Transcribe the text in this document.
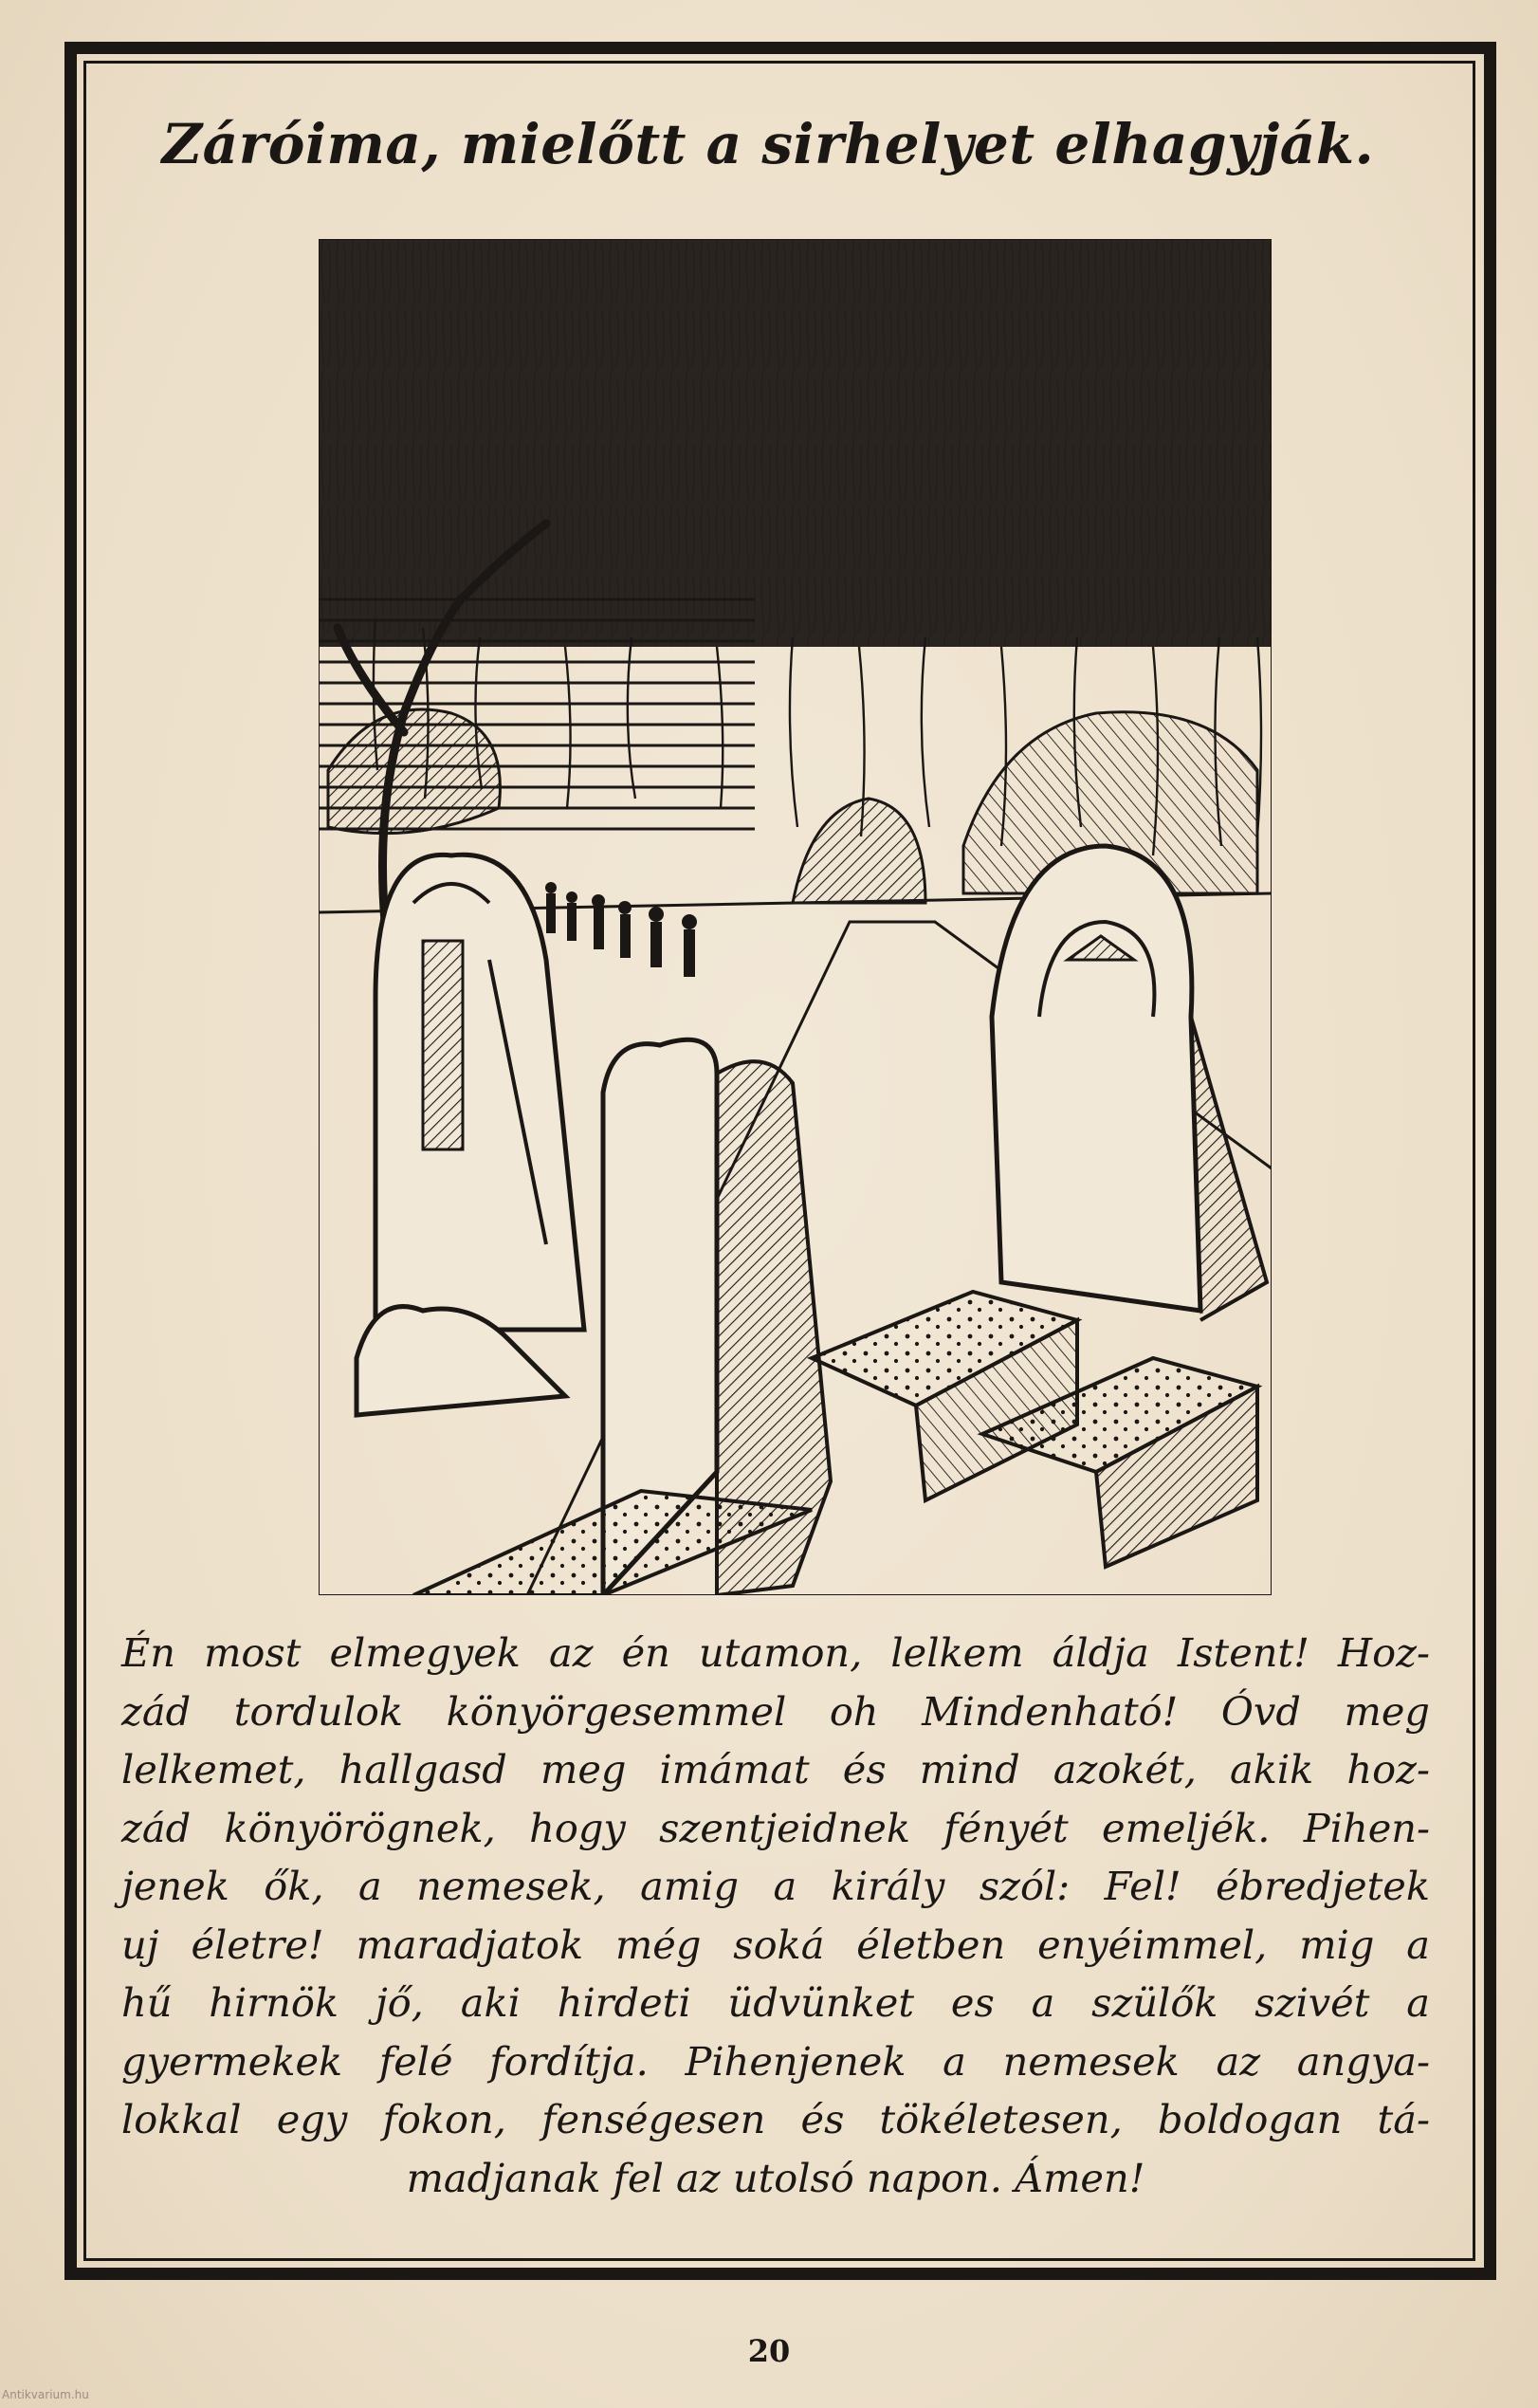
Záróima, mielőtt a sirhelyet elhagyják.
Én most elmegyek az én utamon, lelkem áldja Istent! Hoz-
zád tordulok könyörgesemmel oh Mindenható! Óvd meg
lelkemet, hallgasd meg imámat és mind azokét, akik hoz-
zád könyörögnek, hogy szentjeidnek fényét emeljék. Pihen-
jenek ők, a nemesek, amig a király szól: Fel! ébredjetek
uj életre! maradjatok még soká életben enyéimmel, mig a
hű hirnök jő, aki hirdeti üdvünket es a szülők szivét a
gyermekek felé fordítja. Pihenjenek a nemesek az angya-
lokkal egy fokon, fenségesen és tökéletesen, boldogan tá-
madjanak fel az utolsó napon. Ámen!
20
Antikvarium.hu
